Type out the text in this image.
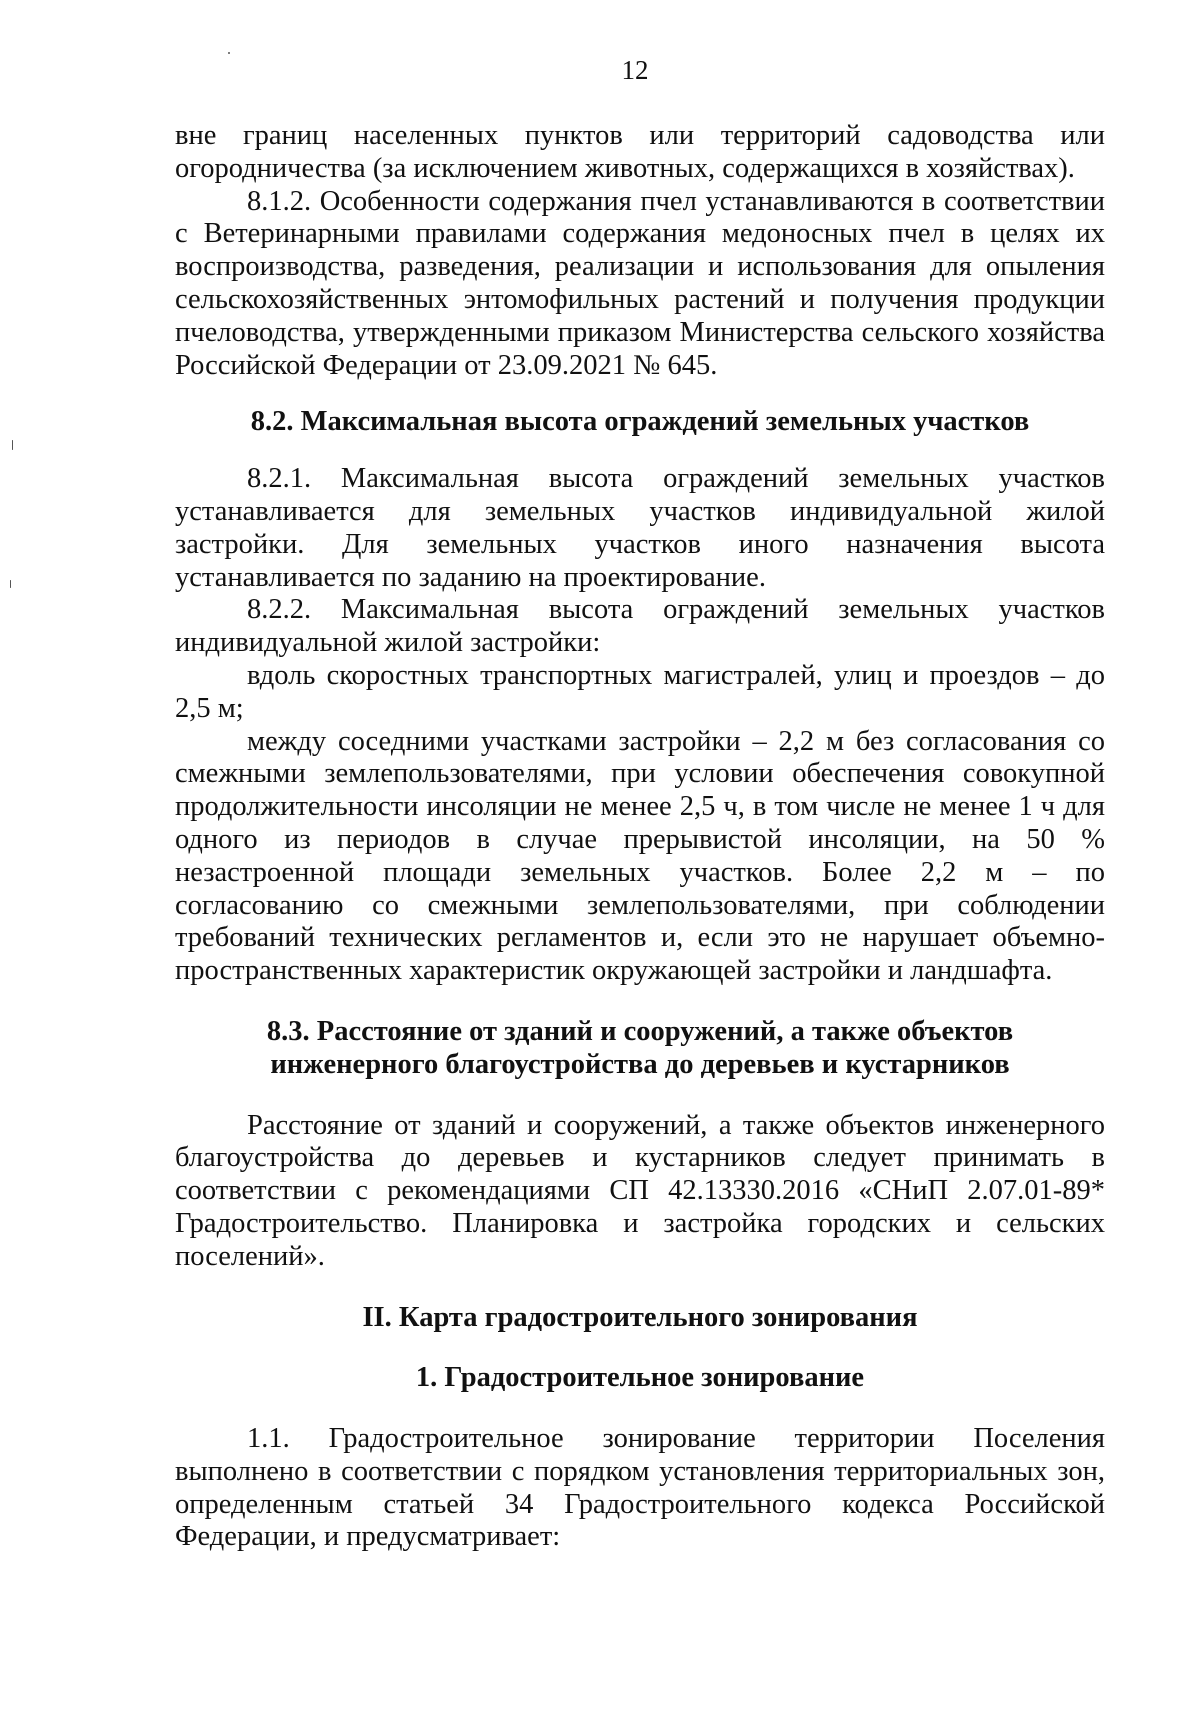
12

вне границ населенных пунктов или территорий садоводства или огородничества (за исключением животных, содержащихся в хозяйствах).

8.1.2. Особенности содержания пчел устанавливаются в соответствии с Ветеринарными правилами содержания медоносных пчел в целях их воспроизводства, разведения, реализации и использования для опыления сельскохозяйственных энтомофильных растений и получения продукции пчеловодства, утвержденными приказом Министерства сельского хозяйства Российской Федерации от 23.09.2021 № 645.

8.2. Максимальная высота ограждений земельных участков

8.2.1. Максимальная высота ограждений земельных участков устанавливается для земельных участков индивидуальной жилой застройки. Для земельных участков иного назначения высота устанавливается по заданию на проектирование.

8.2.2. Максимальная высота ограждений земельных участков индивидуальной жилой застройки:

вдоль скоростных транспортных магистралей, улиц и проездов – до 2,5 м;

между соседними участками застройки – 2,2 м без согласования со смежными землепользователями, при условии обеспечения совокупной продолжительности инсоляции не менее 2,5 ч, в том числе не менее 1 ч для одного из периодов в случае прерывистой инсоляции, на 50 % незастроенной площади земельных участков. Более 2,2 м – по согласованию со смежными землепользователями, при соблюдении требований технических регламентов и, если это не нарушает объемно-пространственных характеристик окружающей застройки и ландшафта.

8.3. Расстояние от зданий и сооружений, а также объектов

инженерного благоустройства до деревьев и кустарников

Расстояние от зданий и сооружений, а также объектов инженерного благоустройства до деревьев и кустарников следует принимать в соответствии с рекомендациями СП 42.13330.2016 «СНиП 2.07.01-89* Градостроительство. Планировка и застройка городских и сельских поселений».

II. Карта градостроительного зонирования

1. Градостроительное зонирование

1.1. Градостроительное зонирование территории Поселения выполнено в соответствии с порядком установления территориальных зон, определенным статьей 34 Градостроительного кодекса Российской Федерации, и предусматривает:
